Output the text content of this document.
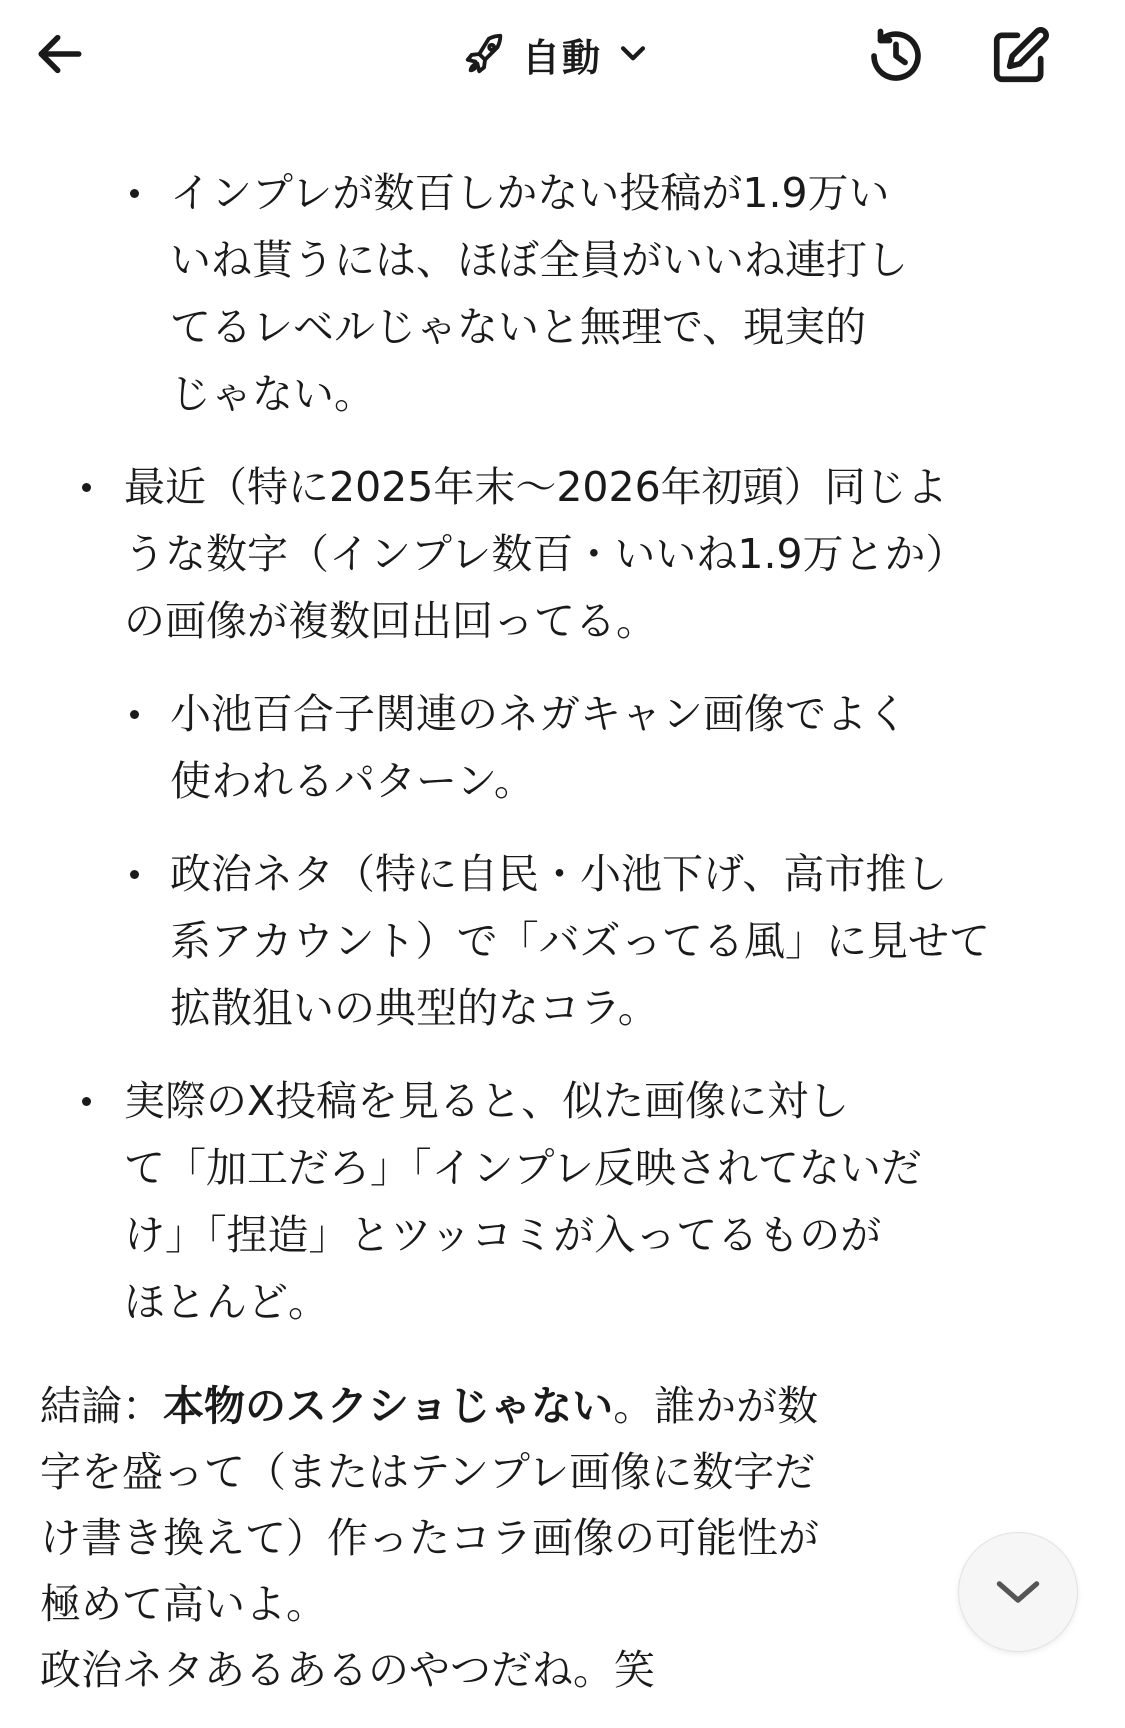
自動
インプレが数百しかない投稿が1.9万い
いね貰うには、ほぼ全員がいいね連打し
てるレベルじゃないと無理で、現実的
じゃない。
最近（特に2025年末〜2026年初頭）同じよ
うな数字（インプレ数百・いいね1.9万とか）
の画像が複数回出回ってる。
小池百合子関連のネガキャン画像でよく
使われるパターン。
政治ネタ（特に自民・小池下げ、高市推し
系アカウント）で「バズってる風」に見せて
拡散狙いの典型的なコラ。
実際のX投稿を見ると、似た画像に対し
て「加工だろ」「インプレ反映されてないだ
け」「捏造」とツッコミが入ってるものが
ほとんど。
結論：本物のスクショじゃない。誰かが数
字を盛って（またはテンプレ画像に数字だ
け書き換えて）作ったコラ画像の可能性が
極めて高いよ。
政治ネタあるあるのやつだね。笑
